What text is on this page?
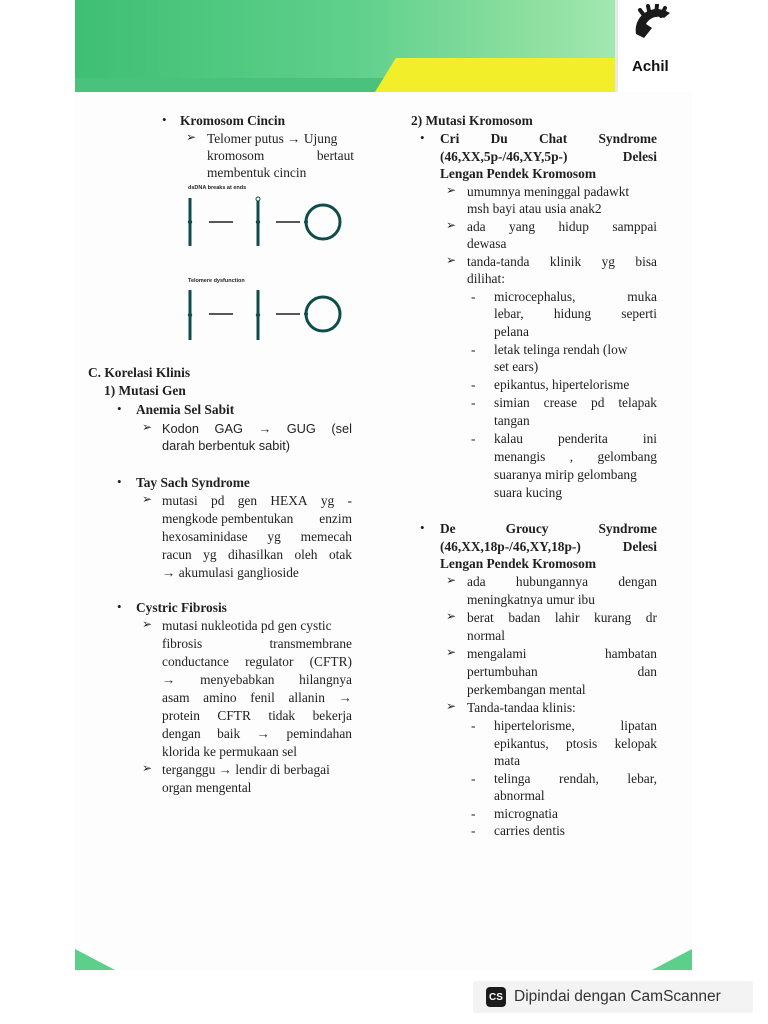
Achil
• Kromosom Cincin
➢ Telomer putus → Ujung
kromosom	bertaut
membentuk cincin
dsDNA breaks at ends
Telomere dysfunction
C. Korelasi Klinis
1) Mutasi Gen
• Anemia Sel Sabit
➢ Kodon GAG → GUG (sel
darah berbentuk sabit)
• Tay Sach Syndrome
➢ mutasi pd gen HEXA yg -
mengkode pembentukan enzim
hexosaminidase yg memecah
racun yg dihasilkan oleh otak
→ akumulasi ganglioside
• Cystric Fibrosis
➢ mutasi nukleotida pd gen cystic
fibrosis	transmembrane
conductance regulator (CFTR)
→ menyebabkan hilangnya
asam amino fenil allanin →
protein CFTR tidak bekerja
dengan baik → pemindahan
klorida ke permukaan sel
➢ terganggu → lendir di berbagai
organ mengental
2) Mutasi Kromosom
• Cri Du Chat Syndrome
(46,XX,5p-/46,XY,5p-)	Delesi
Lengan Pendek Kromosom
➢ umumnya meninggal padawkt
msh bayi atau usia anak2
➢ ada yang hidup samppai
dewasa
➢ tanda-tanda klinik yg bisa
dilihat:
- microcephalus,	muka
lebar, hidung seperti
pelana
- letak telinga rendah (low
set ears)
- epikantus, hipertelorisme
- simian crease pd telapak
tangan
- kalau	penderita	ini
menangis , gelombang
suaranya mirip gelombang
suara kucing
• De	Groucy	Syndrome
(46,XX,18p-/46,XY,18p-)	Delesi
Lengan Pendek Kromosom
➢ ada hubungannya dengan
meningkatnya umur ibu
➢ berat badan lahir kurang dr
normal
➢ mengalami	hambatan
pertumbuhan	dan
perkembangan mental
➢ Tanda-tandaa klinis:
- hipertelorisme,	lipatan
epikantus, ptosis kelopak
mata
- telinga rendah, lebar,
abnormal
- micrognatia
- carries dentis
CS Dipindai dengan CamScanner
